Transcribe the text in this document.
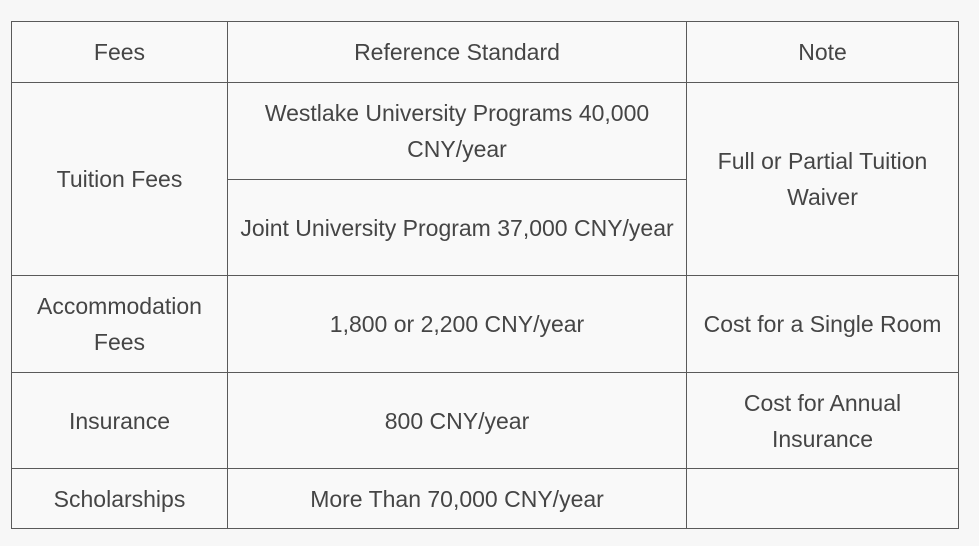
Fees	Reference Standard	Note
Tuition Fees	Westlake University Programs 40,000 CNY/year	Full or Partial Tuition Waiver
	Joint University Program 37,000 CNY/year	
Accommodation Fees	1,800 or 2,200 CNY/year	Cost for a Single Room
Insurance	800 CNY/year	Cost for Annual Insurance
Scholarships	More Than 70,000 CNY/year	
